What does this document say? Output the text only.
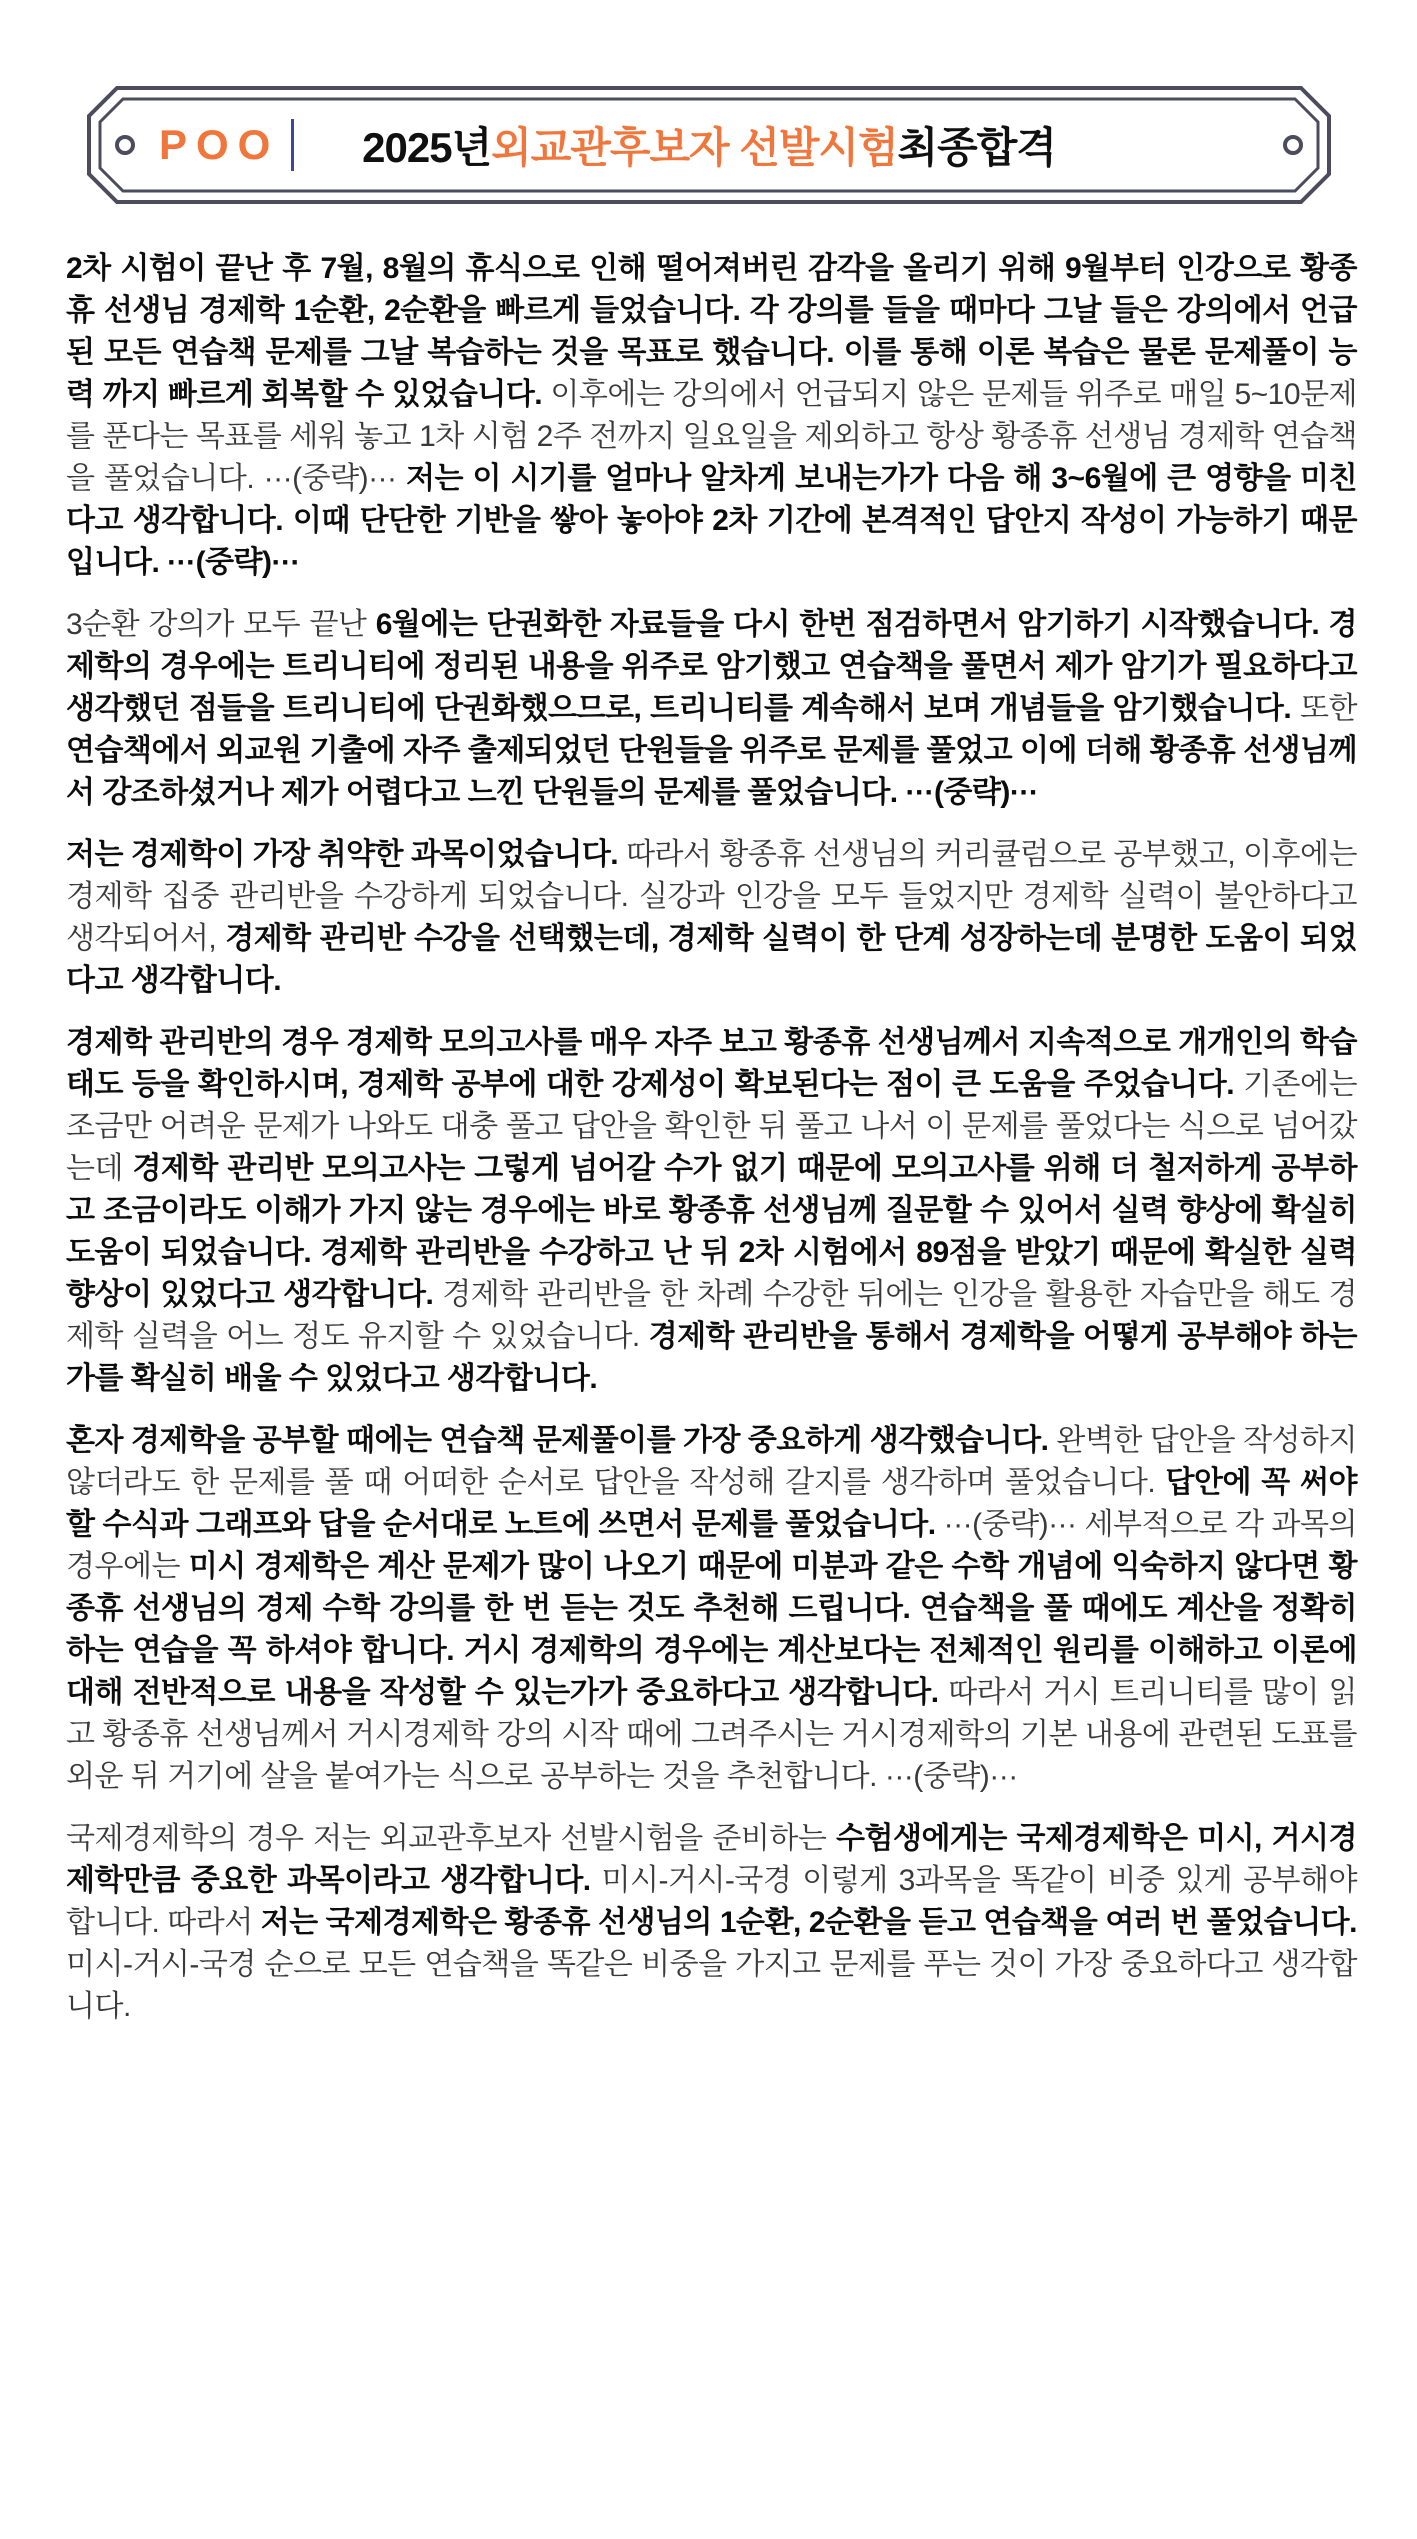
POO 2025년 외교관후보자 선발시험 최종합격

2차 시험이 끝난 후 7월, 8월의 휴식으로 인해 떨어져버린 감각을 올리기 위해 9월부터 인강으로 황종휴 선생님 경제학 1순환, 2순환을 빠르게 들었습니다. 각 강의를 들을 때마다 그날 들은 강의에서 언급된 모든 연습책 문제를 그날 복습하는 것을 목표로 했습니다. 이를 통해 이론 복습은 물론 문제풀이 능력 까지 빠르게 회복할 수 있었습니다. 이후에는 강의에서 언급되지 않은 문제들 위주로 매일 5~10문제를 푼다는 목표를 세워 놓고 1차 시험 2주 전까지 일요일을 제외하고 항상 황종휴 선생님 경제학 연습책을 풀었습니다. ···(중략)··· 저는 이 시기를 얼마나 알차게 보내는가가 다음 해 3~6월에 큰 영향을 미친다고 생각합니다. 이때 단단한 기반을 쌓아 놓아야 2차 기간에 본격적인 답안지 작성이 가능하기 때문입니다. ···(중략)···

3순환 강의가 모두 끝난 6월에는 단권화한 자료들을 다시 한번 점검하면서 암기하기 시작했습니다. 경제학의 경우에는 트리니티에 정리된 내용을 위주로 암기했고 연습책을 풀면서 제가 암기가 필요하다고 생각했던 점들을 트리니티에 단권화했으므로, 트리니티를 계속해서 보며 개념들을 암기했습니다. 또한 연습책에서 외교원 기출에 자주 출제되었던 단원들을 위주로 문제를 풀었고 이에 더해 황종휴 선생님께서 강조하셨거나 제가 어렵다고 느낀 단원들의 문제를 풀었습니다. ···(중략)···

저는 경제학이 가장 취약한 과목이었습니다. 따라서 황종휴 선생님의 커리큘럼으로 공부했고, 이후에는 경제학 집중 관리반을 수강하게 되었습니다. 실강과 인강을 모두 들었지만 경제학 실력이 불안하다고 생각되어서, 경제학 관리반 수강을 선택했는데, 경제학 실력이 한 단계 성장하는데 분명한 도움이 되었다고 생각합니다.

경제학 관리반의 경우 경제학 모의고사를 매우 자주 보고 황종휴 선생님께서 지속적으로 개개인의 학습 태도 등을 확인하시며, 경제학 공부에 대한 강제성이 확보된다는 점이 큰 도움을 주었습니다. 기존에는 조금만 어려운 문제가 나와도 대충 풀고 답안을 확인한 뒤 풀고 나서 이 문제를 풀었다는 식으로 넘어갔는데 경제학 관리반 모의고사는 그렇게 넘어갈 수가 없기 때문에 모의고사를 위해 더 철저하게 공부하고 조금이라도 이해가 가지 않는 경우에는 바로 황종휴 선생님께 질문할 수 있어서 실력 향상에 확실히 도움이 되었습니다. 경제학 관리반을 수강하고 난 뒤 2차 시험에서 89점을 받았기 때문에 확실한 실력 향상이 있었다고 생각합니다. 경제학 관리반을 한 차례 수강한 뒤에는 인강을 활용한 자습만을 해도 경제학 실력을 어느 정도 유지할 수 있었습니다. 경제학 관리반을 통해서 경제학을 어떻게 공부해야 하는가를 확실히 배울 수 있었다고 생각합니다.

혼자 경제학을 공부할 때에는 연습책 문제풀이를 가장 중요하게 생각했습니다. 완벽한 답안을 작성하지 않더라도 한 문제를 풀 때 어떠한 순서로 답안을 작성해 갈지를 생각하며 풀었습니다. 답안에 꼭 써야 할 수식과 그래프와 답을 순서대로 노트에 쓰면서 문제를 풀었습니다. ···(중략)··· 세부적으로 각 과목의 경우에는 미시 경제학은 계산 문제가 많이 나오기 때문에 미분과 같은 수학 개념에 익숙하지 않다면 황종휴 선생님의 경제 수학 강의를 한 번 듣는 것도 추천해 드립니다. 연습책을 풀 때에도 계산을 정확히 하는 연습을 꼭 하셔야 합니다. 거시 경제학의 경우에는 계산보다는 전체적인 원리를 이해하고 이론에 대해 전반적으로 내용을 작성할 수 있는가가 중요하다고 생각합니다. 따라서 거시 트리니티를 많이 읽고 황종휴 선생님께서 거시경제학 강의 시작 때에 그려주시는 거시경제학의 기본 내용에 관련된 도표를 외운 뒤 거기에 살을 붙여가는 식으로 공부하는 것을 추천합니다. ···(중략)···

국제경제학의 경우 저는 외교관후보자 선발시험을 준비하는 수험생에게는 국제경제학은 미시, 거시경제학만큼 중요한 과목이라고 생각합니다. 미시-거시-국경 이렇게 3과목을 똑같이 비중 있게 공부해야 합니다. 따라서 저는 국제경제학은 황종휴 선생님의 1순환, 2순환을 듣고 연습책을 여러 번 풀었습니다. 미시-거시-국경 순으로 모든 연습책을 똑같은 비중을 가지고 문제를 푸는 것이 가장 중요하다고 생각합니다.
